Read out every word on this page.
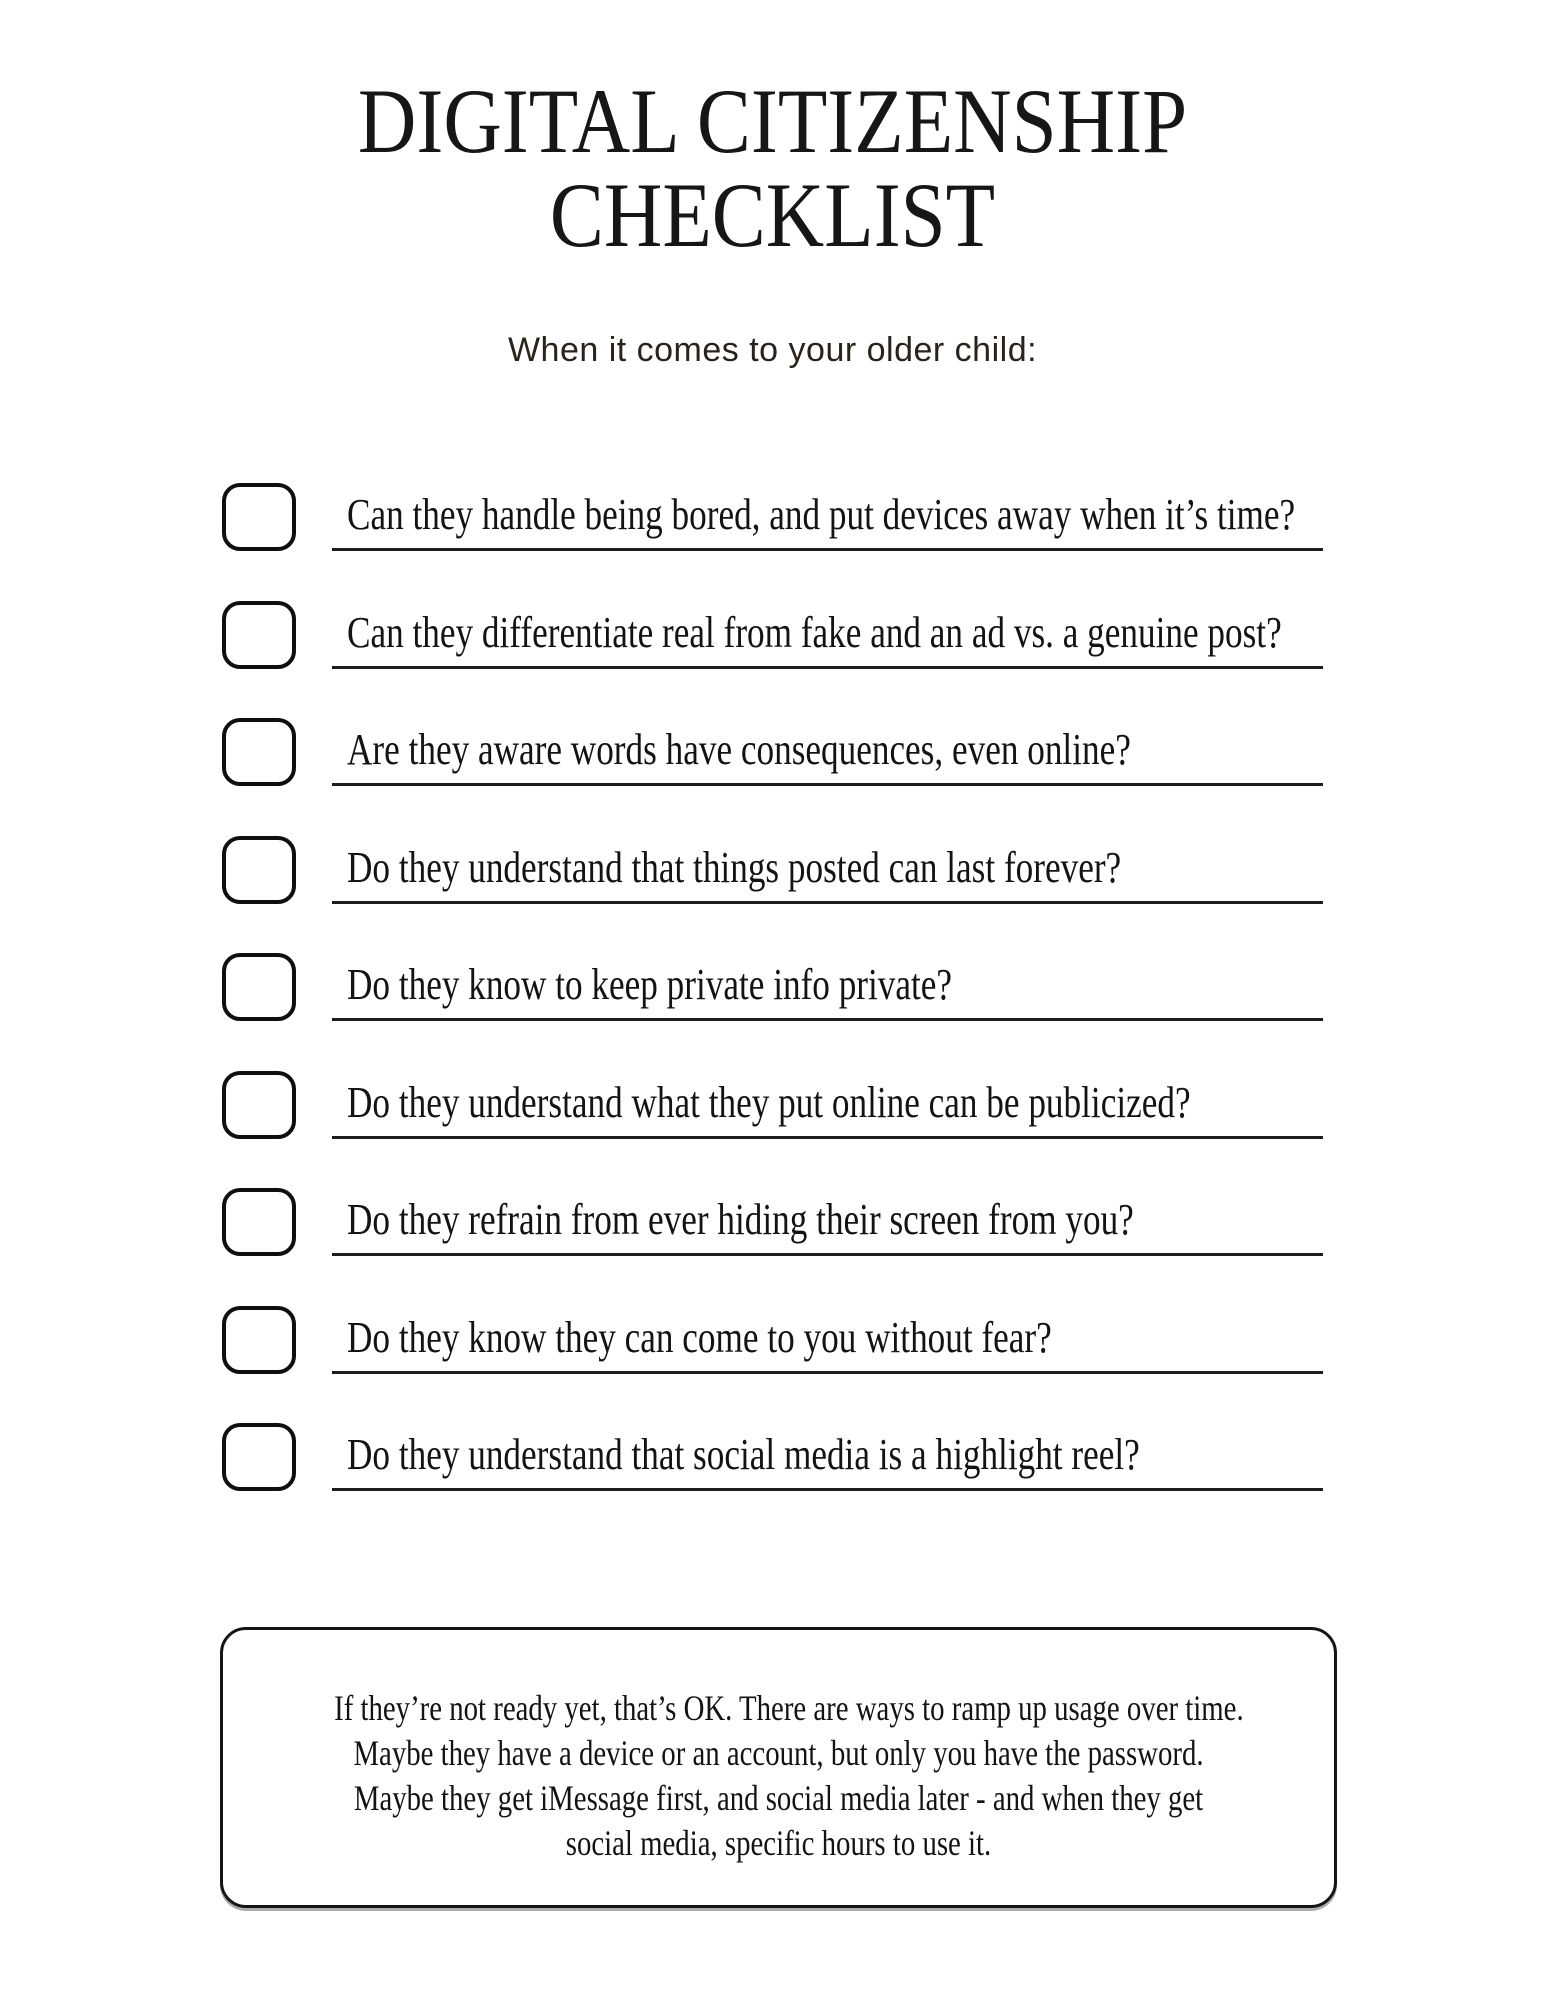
DIGITAL CITIZENSHIP
CHECKLIST
When it comes to your older child:
Can they handle being bored, and put devices away when it’s time?
Can they differentiate real from fake and an ad vs. a genuine post?
Are they aware words have consequences, even online?
Do they understand that things posted can last forever?
Do they know to keep private info private?
Do they understand what they put online can be publicized?
Do they refrain from ever hiding their screen from you?
Do they know they can come to you without fear?
Do they understand that social media is a highlight reel?
If they’re not ready yet, that’s OK. There are ways to ramp up usage over time.
Maybe they have a device or an account, but only you have the password.
Maybe they get iMessage first, and social media later - and when they get
social media, specific hours to use it.
